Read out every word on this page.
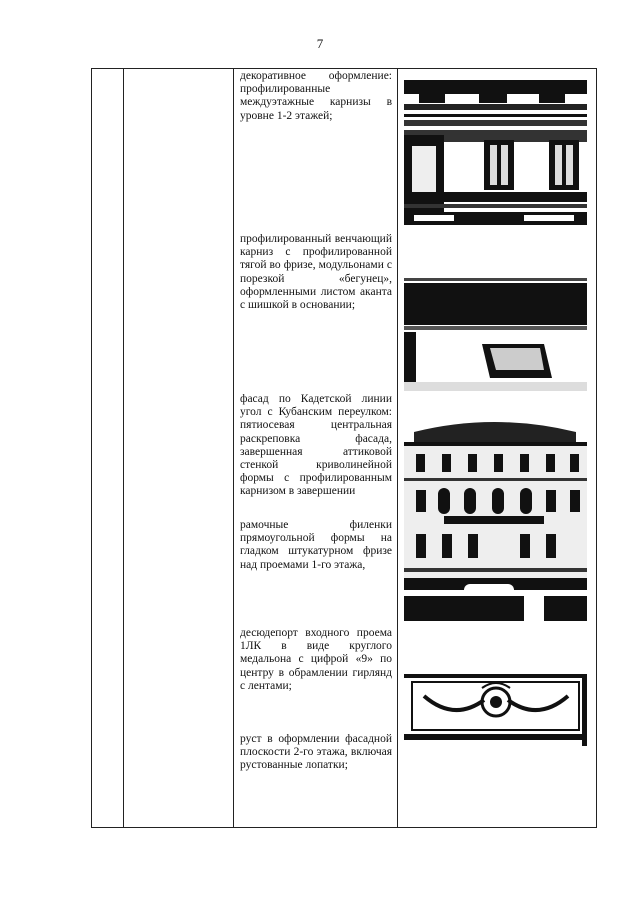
7
декоративное оформление: профилированные междуэтажные карнизы в уровне 1-2 этажей;
профилированный венчающий карниз с профилированной тягой во фризе, модульонами с порезкой «бегунец», оформленными листом аканта с шишкой в основании;
фасад по Кадетской линии угол с Кубанским переулком: пятиосевая центральная раскреповка фасада, завершенная аттиковой стенкой криволинейной формы с профилированным карнизом в завершении
рамочные филенки прямоугольной формы на гладком штукатурном фризе над проемами 1-го этажа,
десюдепорт входного проема 1ЛК в виде круглого медальона с цифрой «9» по центру в обрамлении гирлянд с лентами;
руст в оформлении фасадной плоскости 2-го этажа, включая рустованные лопатки;
